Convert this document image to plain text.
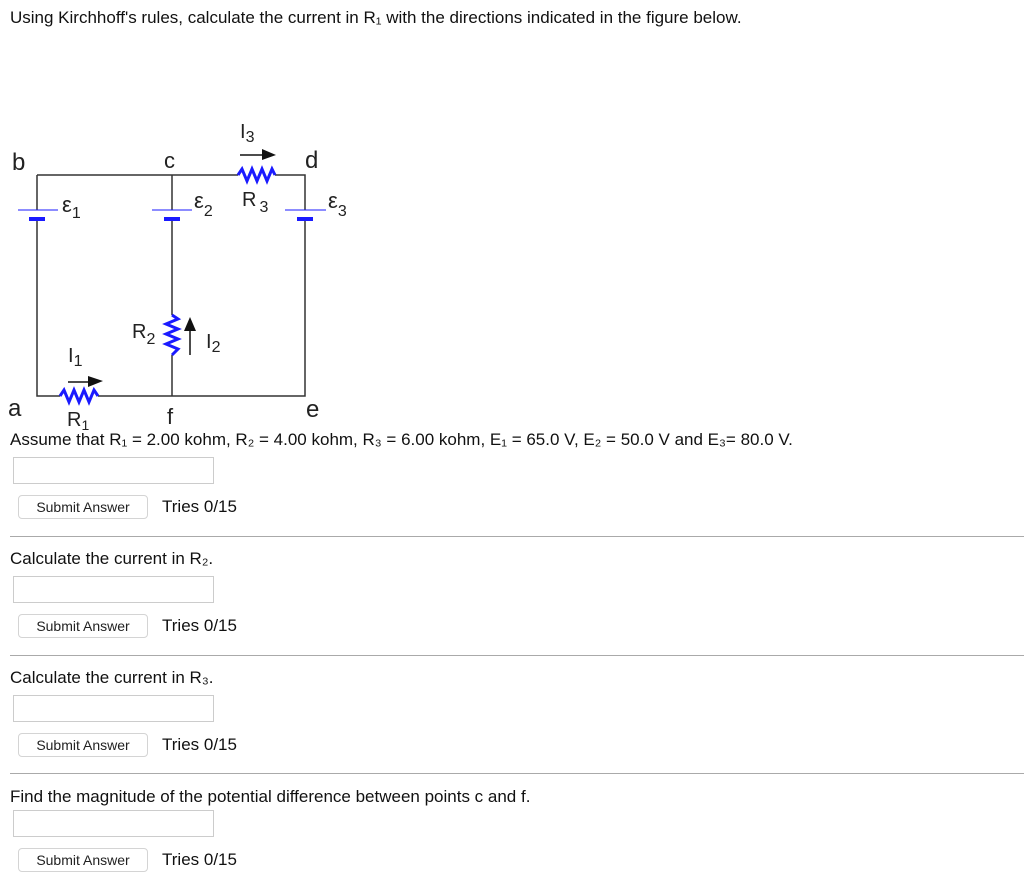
Using Kirchhoff's rules, calculate the current in R₁ with the directions indicated in the figure below.
b	c	d
a	f	e
$\varepsilon_1$
$\varepsilon_2$	$\varepsilon_3$
R $_3$
$R_1$
$R_2$	$I_2$
$I_3$
$I_1$
Assume that R₁ = 2.00 kohm, R₂ = 4.00 kohm, R₃ = 6.00 kohm, E₁ = 65.0 V, E₂ = 50.0 V and E₃= 80.0 V.
Submit Answer	Tries 0/15
Calculate the current in R₂.
Submit Answer	Tries 0/15
Calculate the current in R₃.
Submit Answer	Tries 0/15
Find the magnitude of the potential difference between points c and f.
Submit Answer	Tries 0/15
